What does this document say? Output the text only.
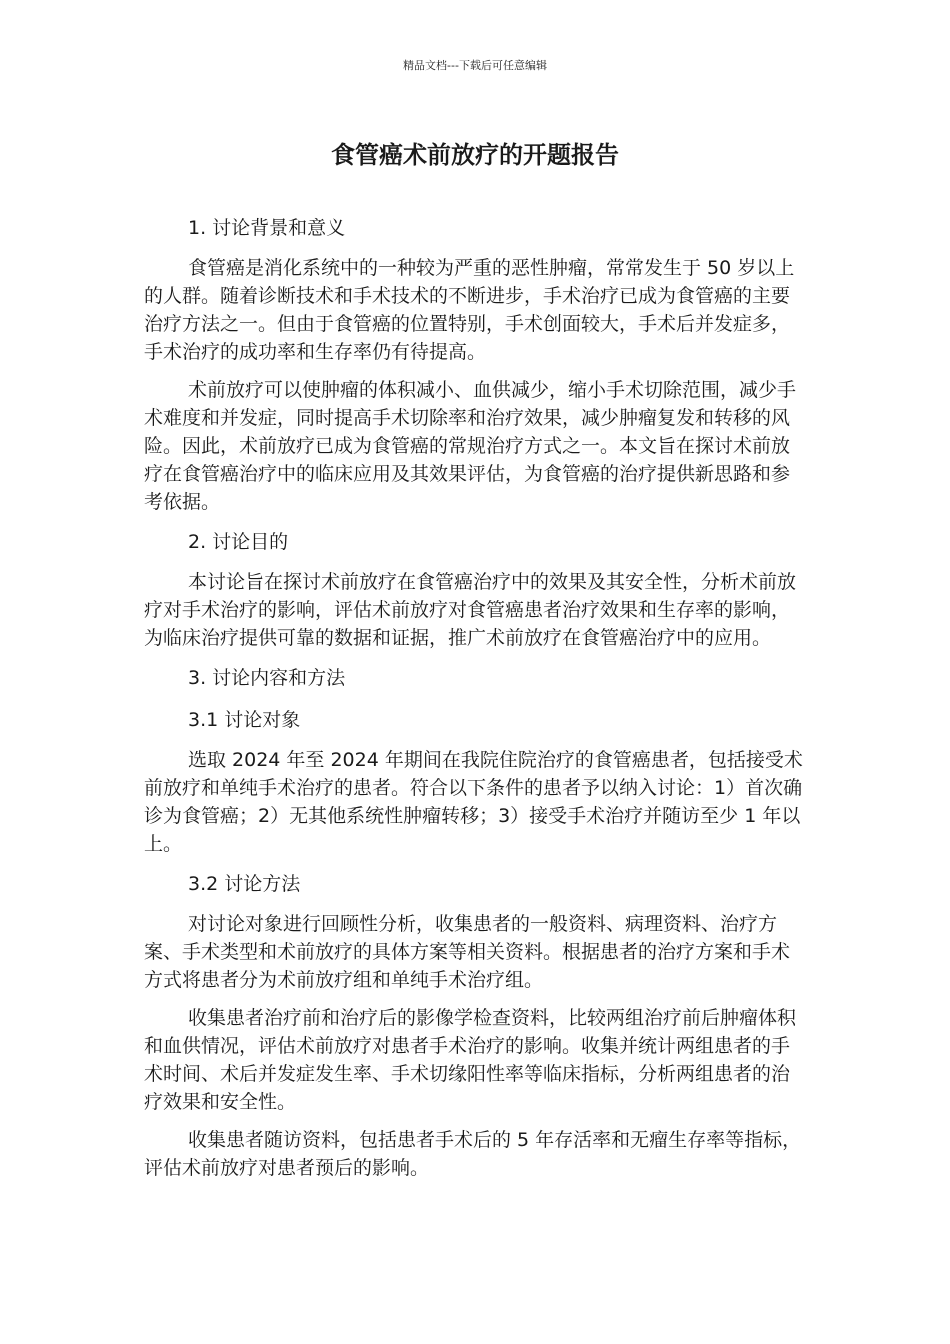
精品文档---下载后可任意编辑
食管癌术前放疗的开题报告
1. 讨论背景和意义

食管癌是消化系统中的一种较为严重的恶性肿瘤，常常发生于 50 岁以上的人群。随着诊断技术和手术技术的不断进步，手术治疗已成为食管癌的主要治疗方法之一。但由于食管癌的位置特别，手术创面较大，手术后并发症多，手术治疗的成功率和生存率仍有待提高。

术前放疗可以使肿瘤的体积减小、血供减少，缩小手术切除范围，减少手术难度和并发症，同时提高手术切除率和治疗效果，减少肿瘤复发和转移的风险。因此，术前放疗已成为食管癌的常规治疗方式之一。本文旨在探讨术前放疗在食管癌治疗中的临床应用及其效果评估，为食管癌的治疗提供新思路和参考依据。

2. 讨论目的

本讨论旨在探讨术前放疗在食管癌治疗中的效果及其安全性，分析术前放疗对手术治疗的影响，评估术前放疗对食管癌患者治疗效果和生存率的影响，为临床治疗提供可靠的数据和证据，推广术前放疗在食管癌治疗中的应用。

3. 讨论内容和方法
3.1 讨论对象

选取 2024 年至 2024 年期间在我院住院治疗的食管癌患者，包括接受术前放疗和单纯手术治疗的患者。符合以下条件的患者予以纳入讨论：1）首次确诊为食管癌；2）无其他系统性肿瘤转移；3）接受手术治疗并随访至少 1 年以上。

3.2 讨论方法

对讨论对象进行回顾性分析，收集患者的一般资料、病理资料、治疗方案、手术类型和术前放疗的具体方案等相关资料。根据患者的治疗方案和手术方式将患者分为术前放疗组和单纯手术治疗组。

收集患者治疗前和治疗后的影像学检查资料，比较两组治疗前后肿瘤体积和血供情况，评估术前放疗对患者手术治疗的影响。收集并统计两组患者的手术时间、术后并发症发生率、手术切缘阳性率等临床指标，分析两组患者的治疗效果和安全性。

收集患者随访资料，包括患者手术后的 5 年存活率和无瘤生存率等指标，评估术前放疗对患者预后的影响。
